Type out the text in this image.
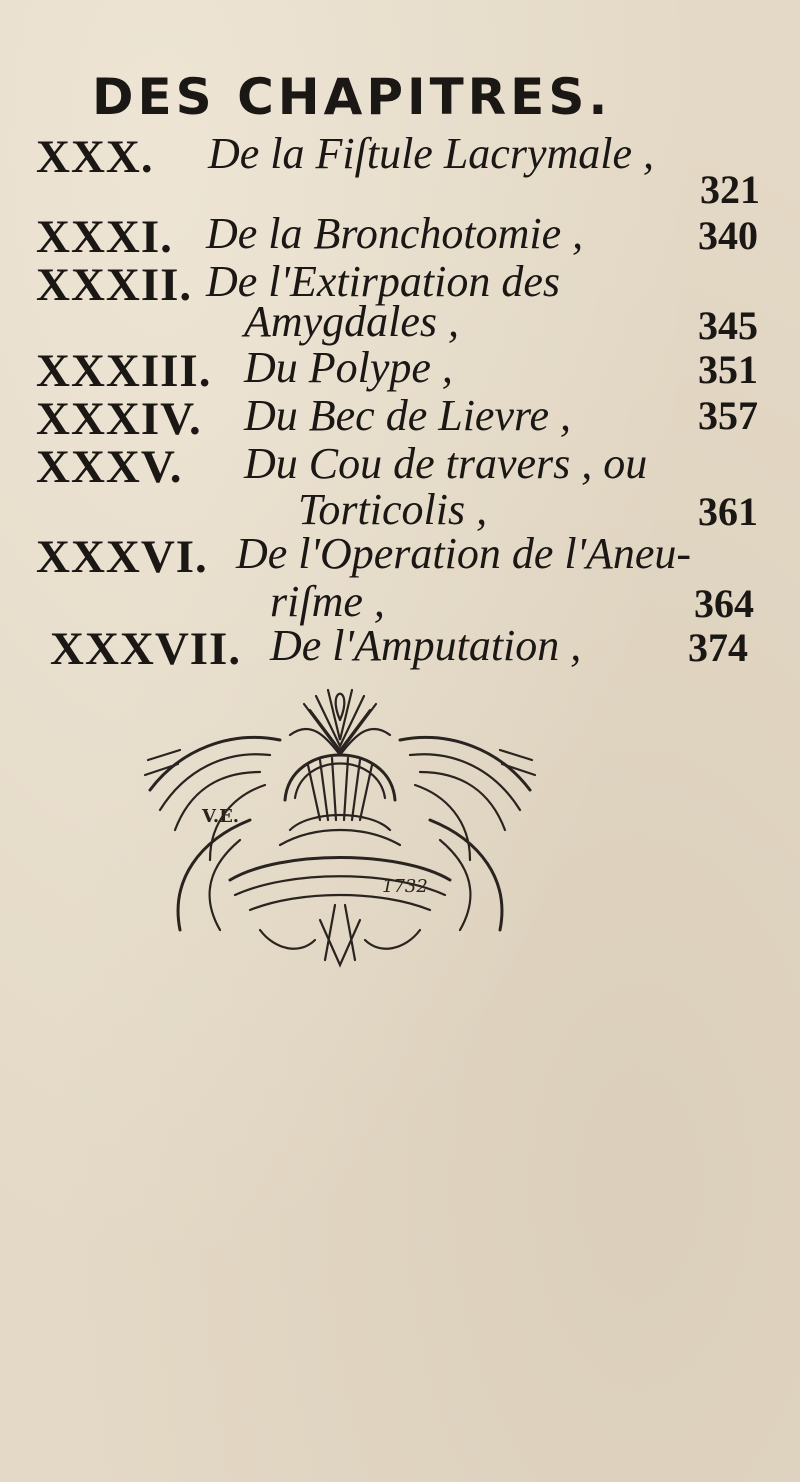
DES CHAPITRES.
XXX. De la Fiſtule Lacrymale ,
321
XXXI. De la Bronchotomie ,	340
XXXII. De l'Extirpation des
Amygdales ,	345
XXXIII. Du Polype ,	351
XXXIV. Du Bec de Lievre ,	357
XXXV. Du Cou de travers , ou
Torticolis ,	361
XXXVI. De l'Operation de l'Aneu-
riſme ,	364
XXXVII. De l'Amputation ,	374
V.E.
1732
